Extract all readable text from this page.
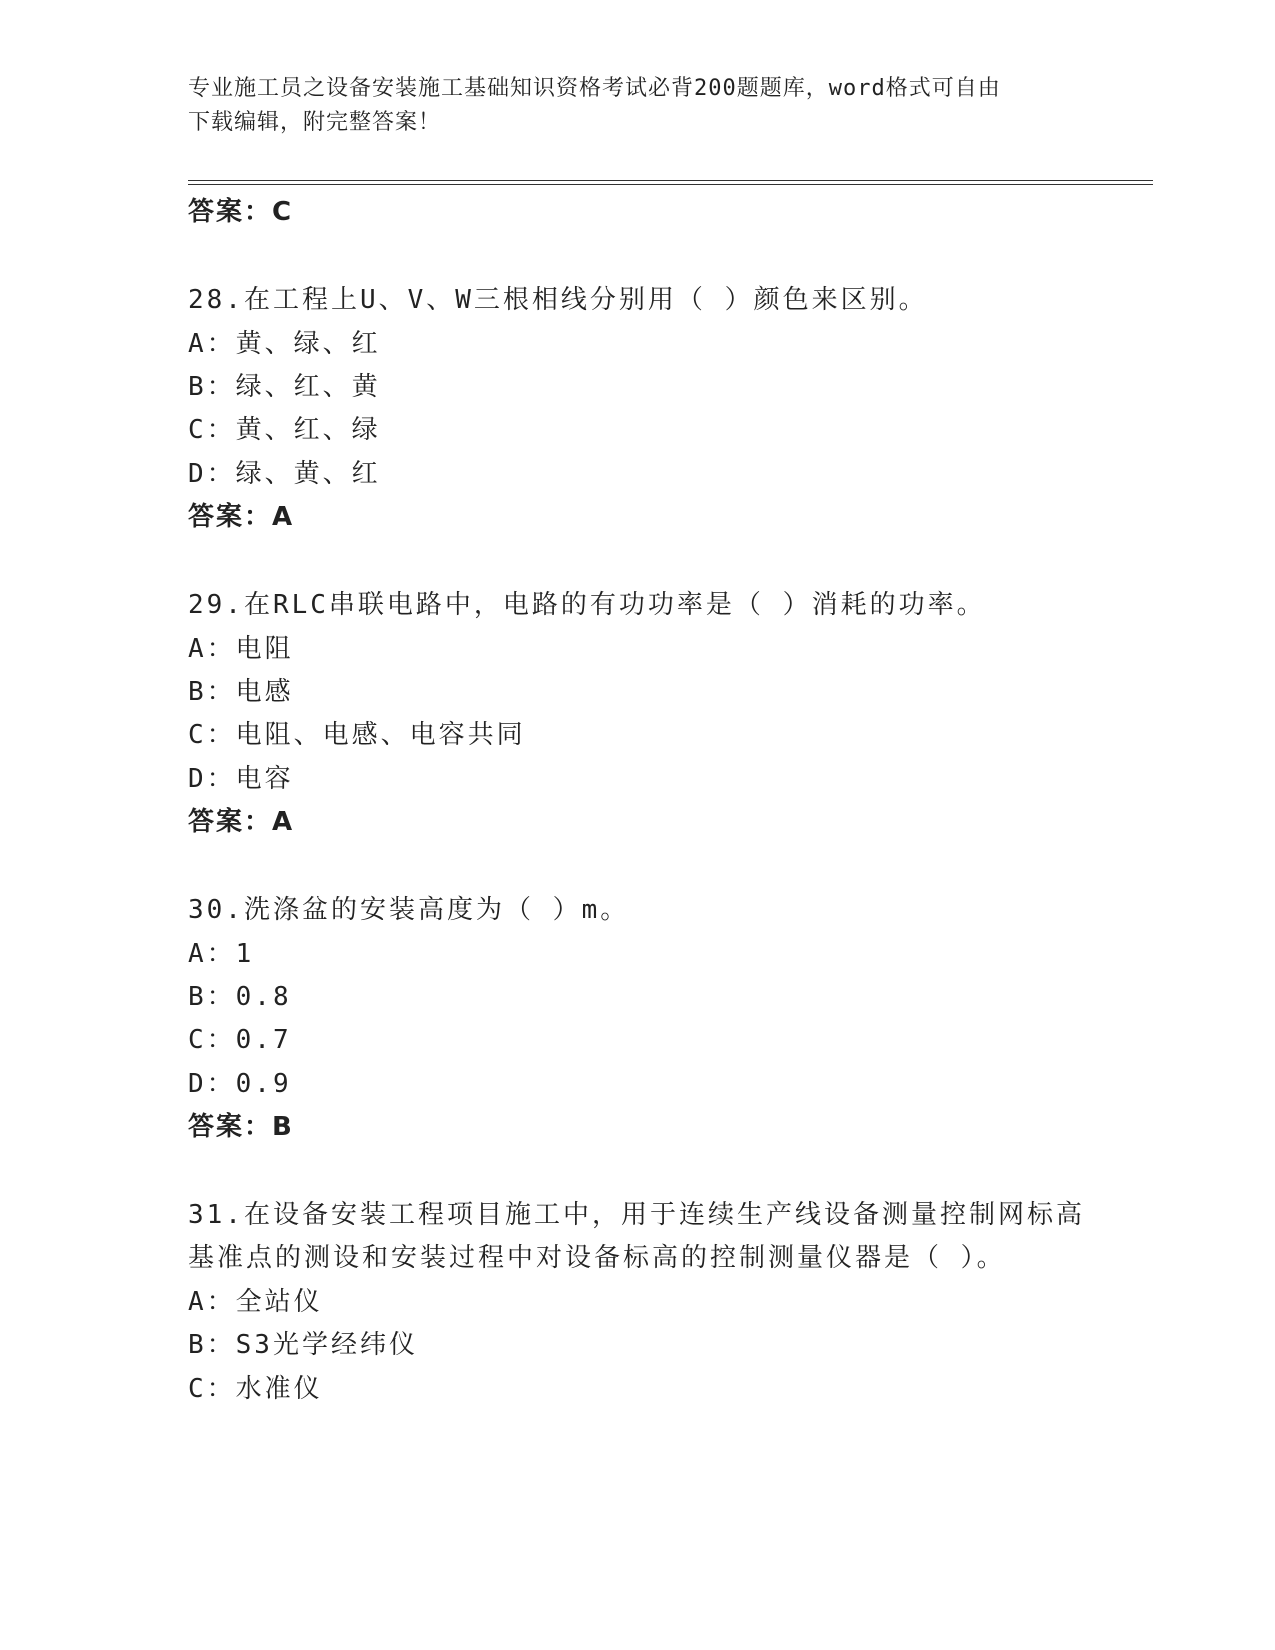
专业施工员之设备安装施工基础知识资格考试必背200题题库，word格式可自由
下载编辑，附完整答案！
答案：C
28.在工程上U、V、W三根相线分别用（ ）颜色来区别。
A：黄、绿、红
B：绿、红、黄
C：黄、红、绿
D：绿、黄、红
答案：A
29.在RLC串联电路中，电路的有功功率是（ ）消耗的功率。
A：电阻
B：电感
C：电阻、电感、电容共同
D：电容
答案：A
30.洗涤盆的安装高度为（ ）m。
A：1
B：0.8
C：0.7
D：0.9
答案：B
31.在设备安装工程项目施工中，用于连续生产线设备测量控制网标高
基准点的测设和安装过程中对设备标高的控制测量仪器是（ ）。
A：全站仪
B：S3光学经纬仪
C：水准仪
